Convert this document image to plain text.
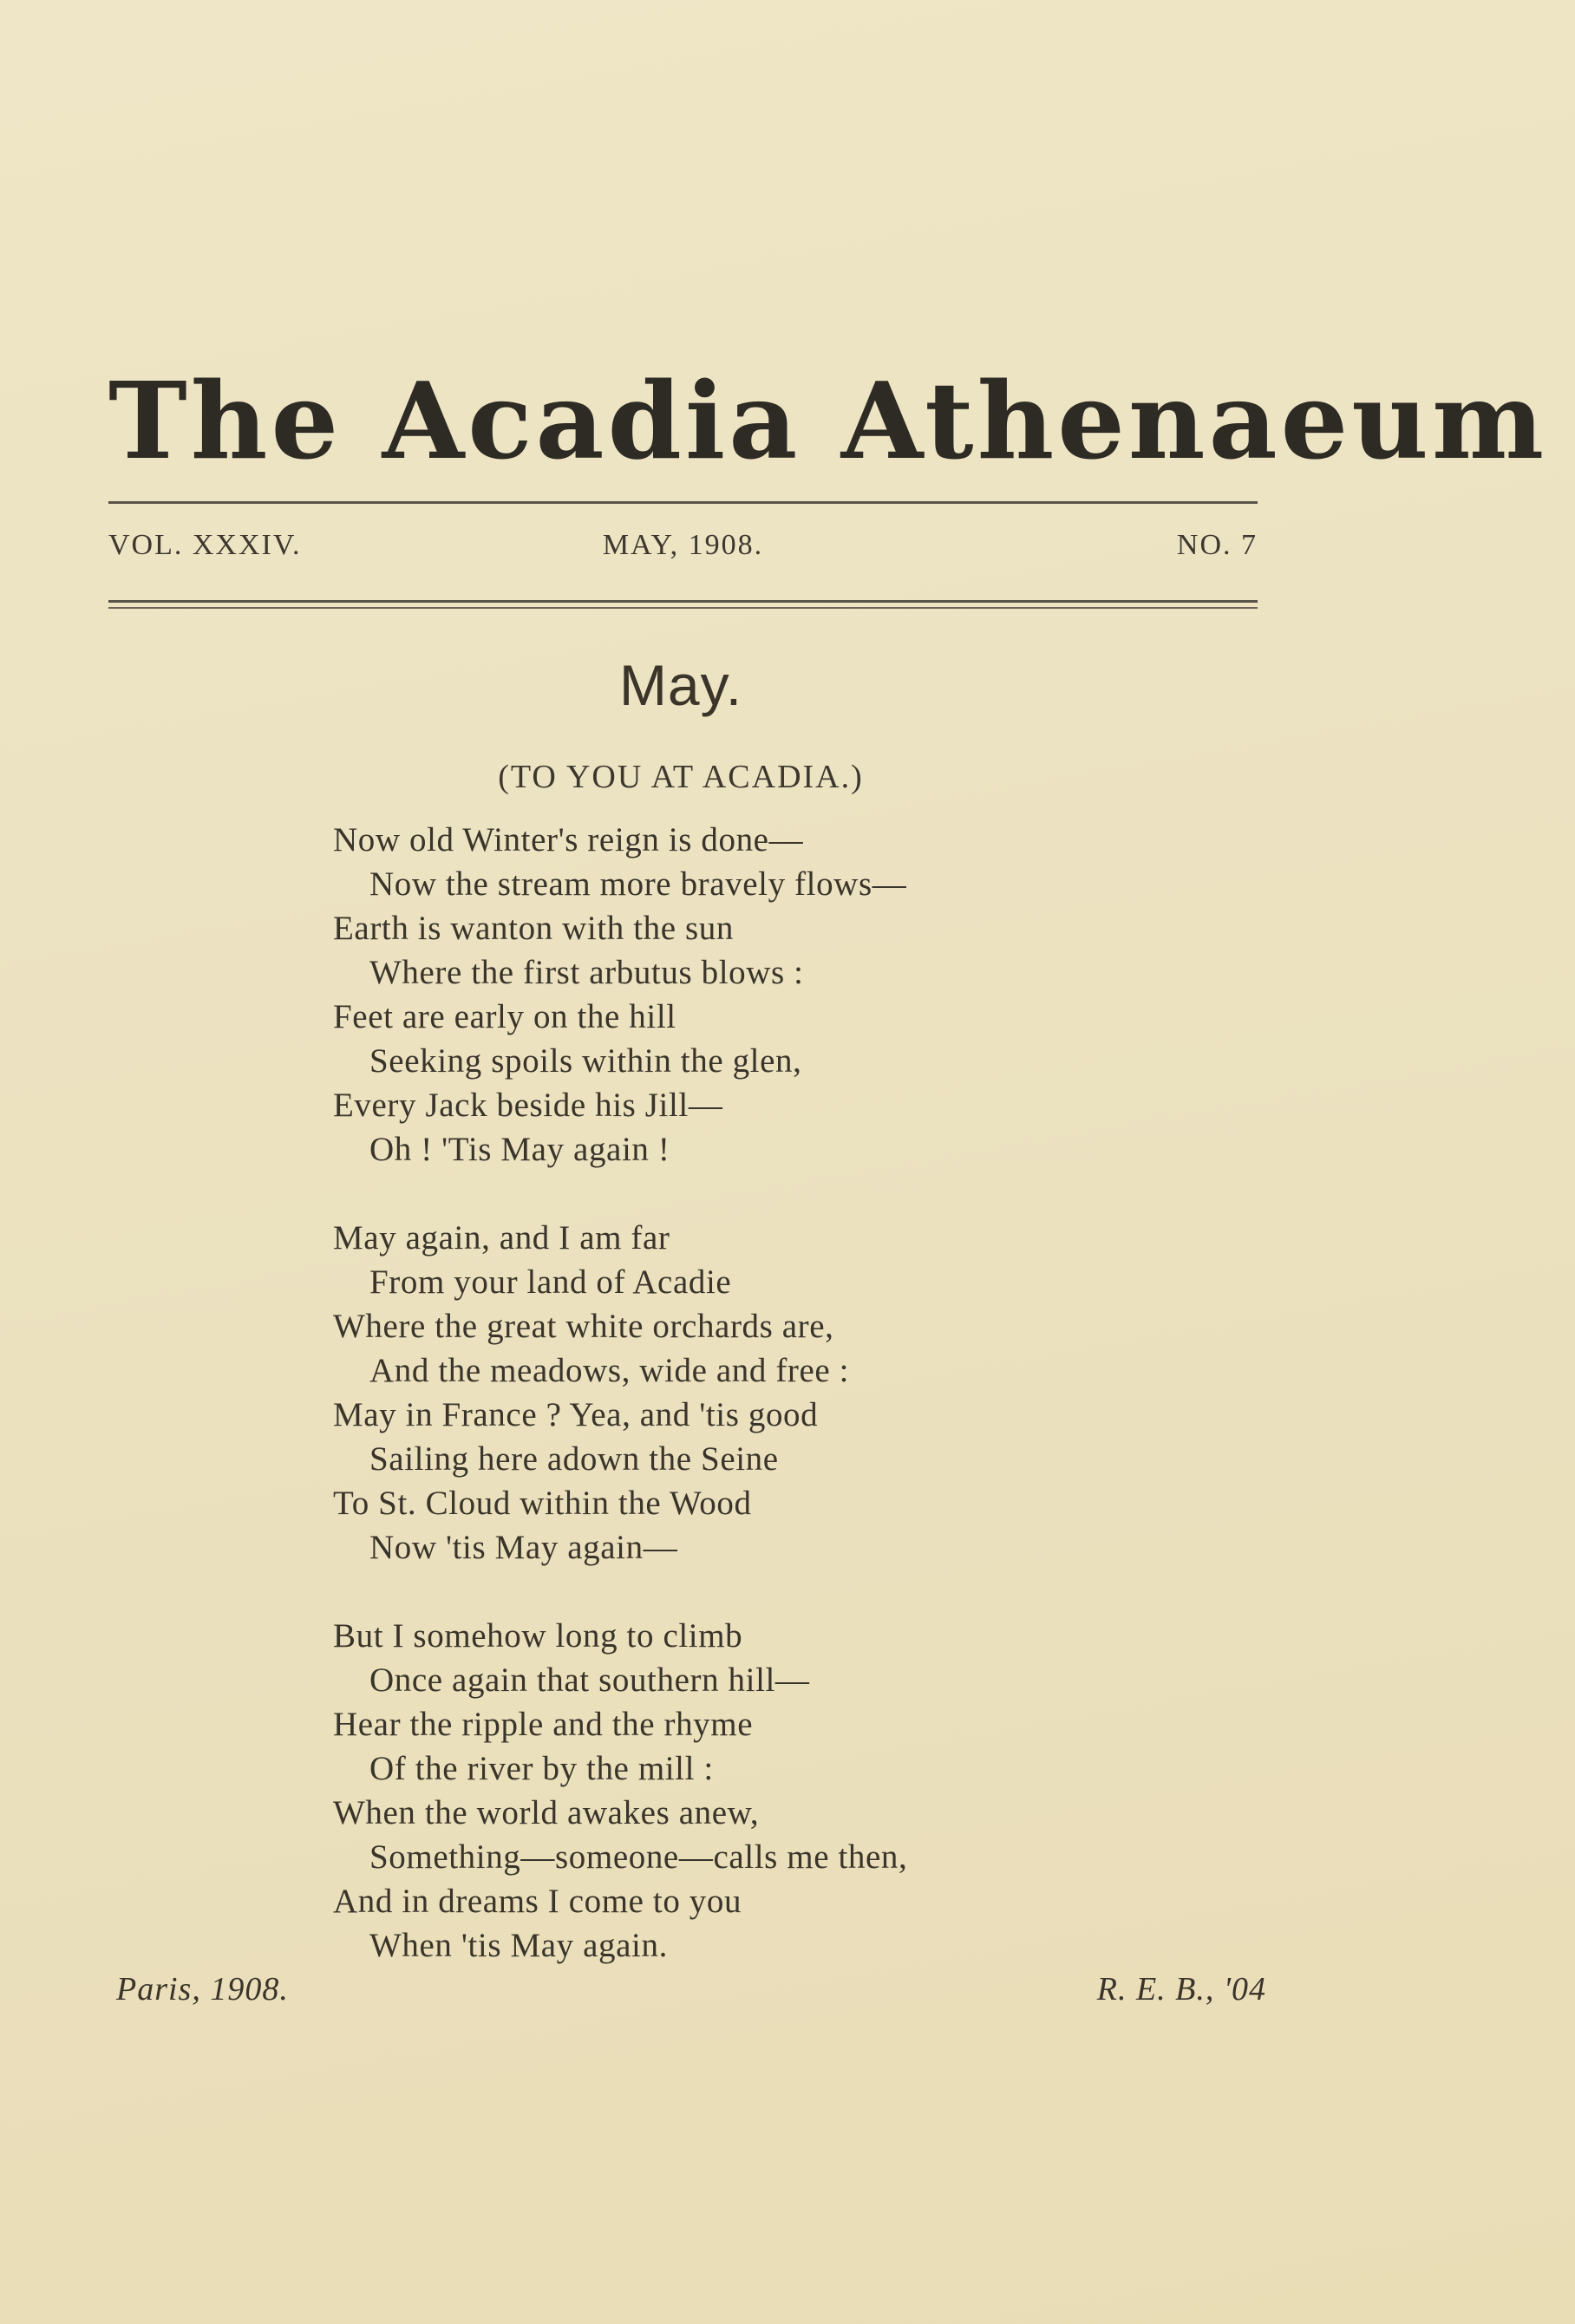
The Acadia Athenaeum
VOL. XXXIV.	MAY, 1908.	NO. 7
May.
(TO YOU AT ACADIA.)
Now old Winter's reign is done—
Now the stream more bravely flows—
Earth is wanton with the sun
Where the first arbutus blows :
Feet are early on the hill
Seeking spoils within the glen,
Every Jack beside his Jill—
Oh ! 'Tis May again !
May again, and I am far
From your land of Acadie
Where the great white orchards are,
And the meadows, wide and free :
May in France ? Yea, and 'tis good
Sailing here adown the Seine
To St. Cloud within the Wood
Now 'tis May again—
But I somehow long to climb
Once again that southern hill—
Hear the ripple and the rhyme
Of the river by the mill :
When the world awakes anew,
Something—someone—calls me then,
And in dreams I come to you
When 'tis May again.
Paris, 1908.	R. E. B., '04
